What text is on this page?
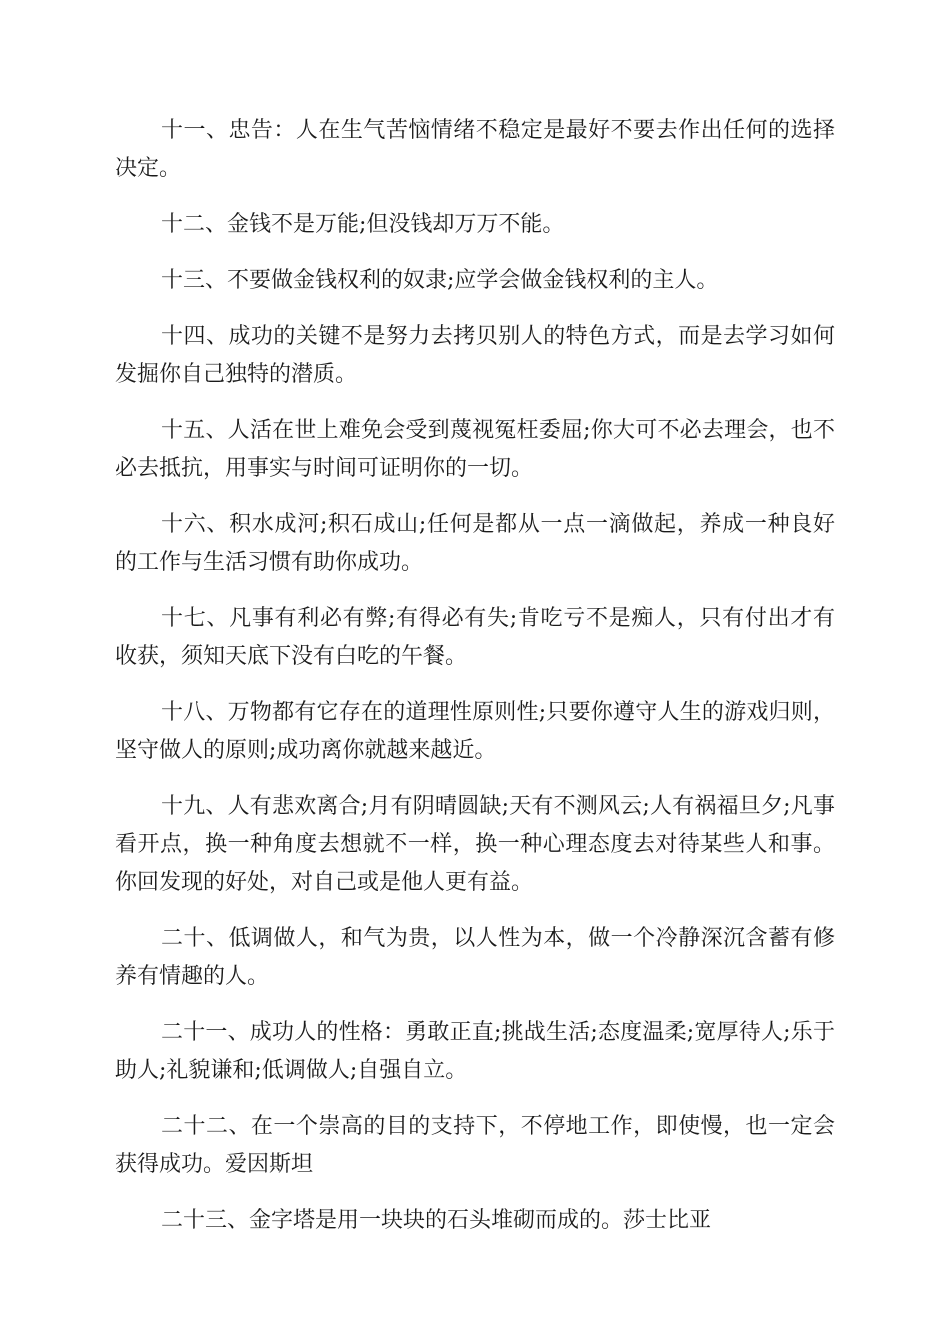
十一、忠告：人在生气苦恼情绪不稳定是最好不要去作出任何的选择决定。

十二、金钱不是万能;但没钱却万万不能。

十三、不要做金钱权利的奴隶;应学会做金钱权利的主人。

十四、成功的关键不是努力去拷贝别人的特色方式，而是去学习如何发掘你自己独特的潜质。

十五、人活在世上难免会受到蔑视冤枉委屈;你大可不必去理会，也不必去抵抗，用事实与时间可证明你的一切。

十六、积水成河;积石成山;任何是都从一点一滴做起，养成一种良好的工作与生活习惯有助你成功。

十七、凡事有利必有弊;有得必有失;肯吃亏不是痴人，只有付出才有收获，须知天底下没有白吃的午餐。

十八、万物都有它存在的道理性原则性;只要你遵守人生的游戏归则，坚守做人的原则;成功离你就越来越近。

十九、人有悲欢离合;月有阴晴圆缺;天有不测风云;人有祸福旦夕;凡事看开点，换一种角度去想就不一样，换一种心理态度去对待某些人和事。你回发现的好处，对自己或是他人更有益。

二十、低调做人，和气为贵，以人性为本，做一个冷静深沉含蓄有修养有情趣的人。

二十一、成功人的性格：勇敢正直;挑战生活;态度温柔;宽厚待人;乐于助人;礼貌谦和;低调做人;自强自立。

二十二、在一个崇高的目的支持下，不停地工作，即使慢，也一定会获得成功。爱因斯坦

二十三、金字塔是用一块块的石头堆砌而成的。莎士比亚
